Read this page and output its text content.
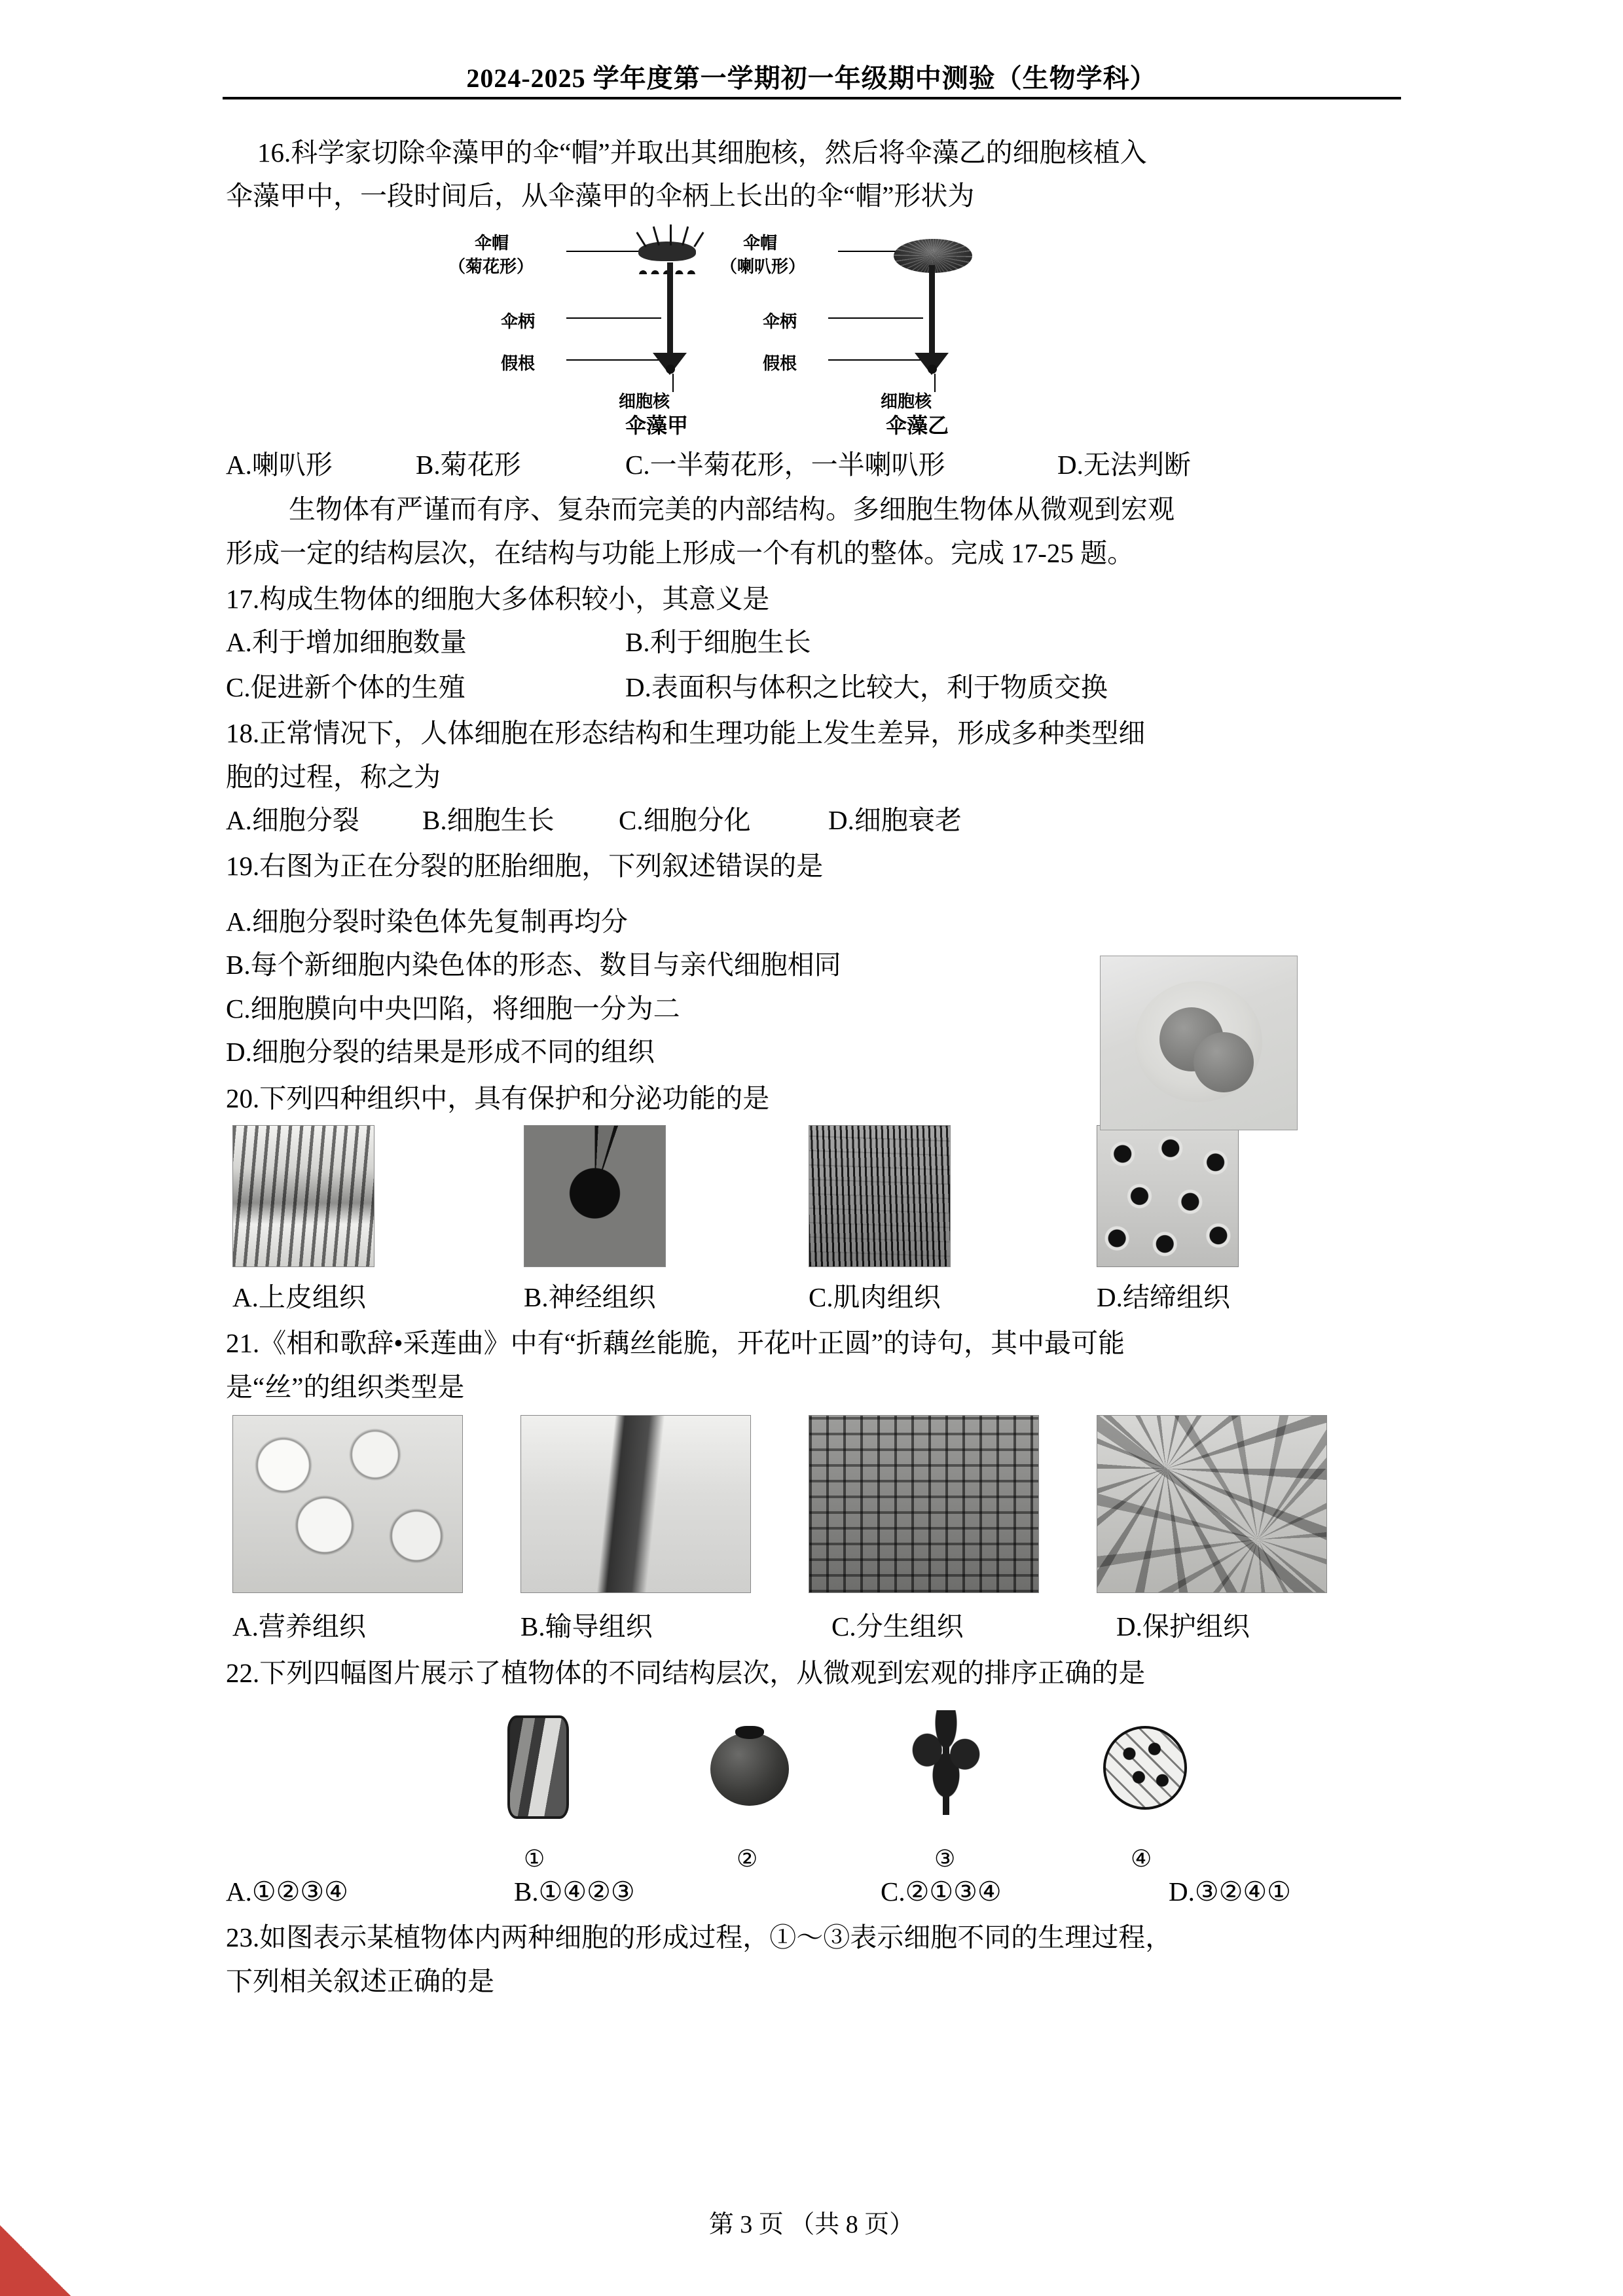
2024-2025 学年度第一学期初一年级期中测验（生物学科）
16.科学家切除伞藻甲的伞“帽”并取出其细胞核，然后将伞藻乙的细胞核植入
伞藻甲中，一段时间后，从伞藻甲的伞柄上长出的伞“帽”形状为
伞帽
（菊花形）
伞柄
假根
细胞核
伞藻甲
伞帽
（喇叭形）
伞柄
假根
细胞核
伞藻乙
A.喇叭形	B.菊花形	C.一半菊花形，一半喇叭形	D.无法判断
生物体有严谨而有序、复杂而完美的内部结构。多细胞生物体从微观到宏观
形成一定的结构层次，在结构与功能上形成一个有机的整体。完成 17-25 题。
17.构成生物体的细胞大多体积较小，其意义是
A.利于增加细胞数量	B.利于细胞生长
C.促进新个体的生殖	D.表面积与体积之比较大，利于物质交换
18.正常情况下，人体细胞在形态结构和生理功能上发生差异，形成多种类型细
胞的过程，称之为
A.细胞分裂	B.细胞生长	C.细胞分化	D.细胞衰老
19.右图为正在分裂的胚胎细胞，下列叙述错误的是
A.细胞分裂时染色体先复制再均分
B.每个新细胞内染色体的形态、数目与亲代细胞相同
C.细胞膜向中央凹陷，将细胞一分为二
D.细胞分裂的结果是形成不同的组织
20.下列四种组织中，具有保护和分泌功能的是
A.上皮组织	B.神经组织	C.肌肉组织	D.结缔组织
21.《相和歌辞•采莲曲》中有“折藕丝能脆，开花叶正圆”的诗句，其中最可能
是“丝”的组织类型是
A.营养组织	B.输导组织	C.分生组织	D.保护组织
22.下列四幅图片展示了植物体的不同结构层次，从微观到宏观的排序正确的是
①	②	③	④
A.①②③④	B.①④②③	C.②①③④	D.③②④①
23.如图表示某植物体内两种细胞的形成过程，①～③表示细胞不同的生理过程，
下列相关叙述正确的是
第 3 页 （共 8 页）
